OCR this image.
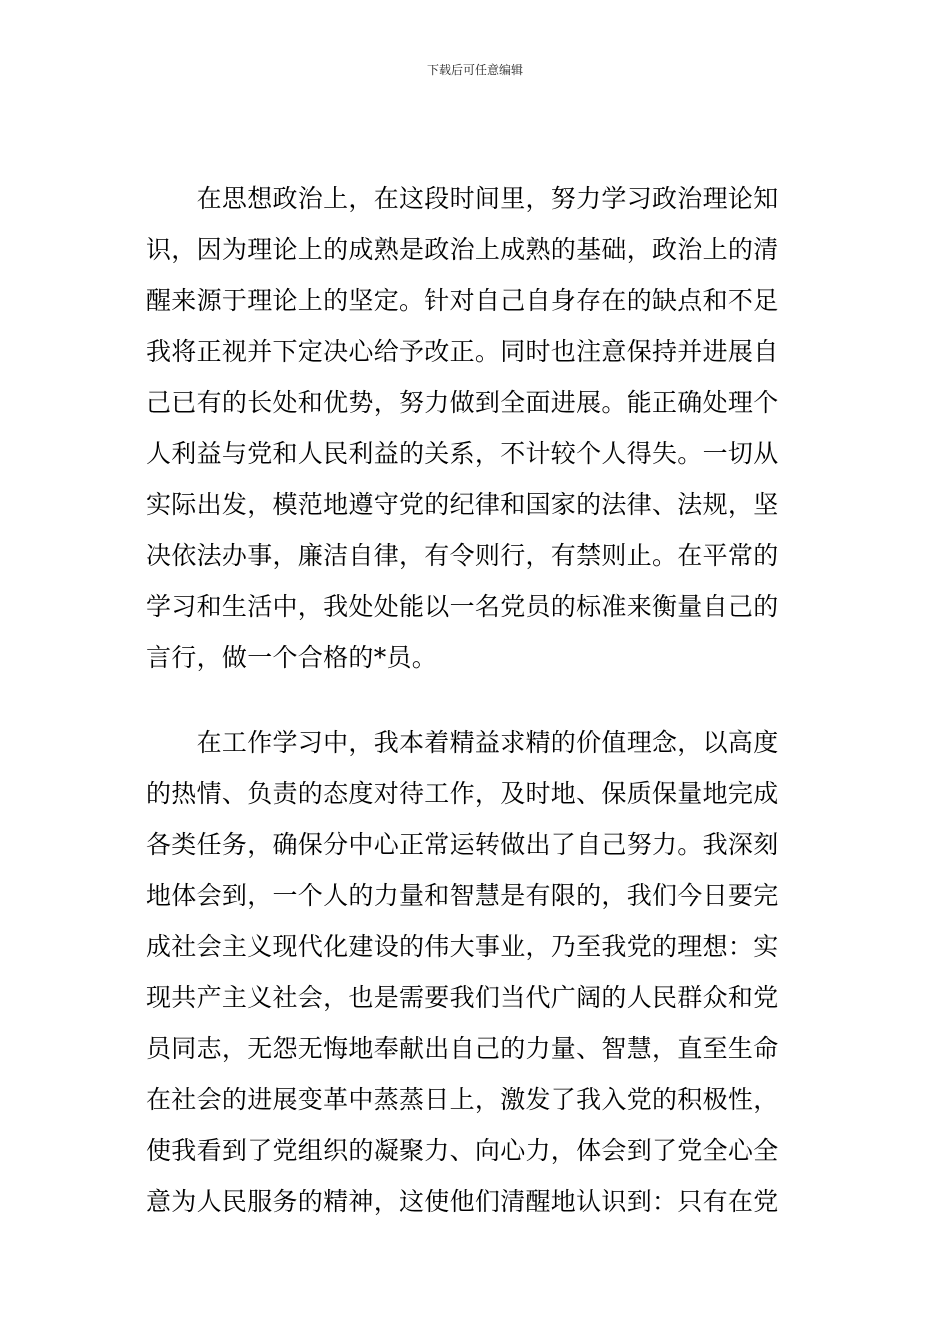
下载后可任意编辑
　　在思想政治上，在这段时间里，努力学习政治理论知
识，因为理论上的成熟是政治上成熟的基础，政治上的清
醒来源于理论上的坚定。针对自己自身存在的缺点和不足
我将正视并下定决心给予改正。同时也注意保持并进展自
己已有的长处和优势，努力做到全面进展。能正确处理个
人利益与党和人民利益的关系，不计较个人得失。一切从
实际出发，模范地遵守党的纪律和国家的法律、法规，坚
决依法办事，廉洁自律，有令则行，有禁则止。在平常的
学习和生活中，我处处能以一名党员的标准来衡量自己的
言行，做一个合格的*员。
　　在工作学习中，我本着精益求精的价值理念，以高度
的热情、负责的态度对待工作，及时地、保质保量地完成
各类任务，确保分中心正常运转做出了自己努力。我深刻
地体会到，一个人的力量和智慧是有限的，我们今日要完
成社会主义现代化建设的伟大事业，乃至我党的理想：实
现共产主义社会，也是需要我们当代广阔的人民群众和党
员同志，无怨无悔地奉献出自己的力量、智慧，直至生命
在社会的进展变革中蒸蒸日上，激发了我入党的积极性，
使我看到了党组织的凝聚力、向心力，体会到了党全心全
意为人民服务的精神，这使他们清醒地认识到：只有在党
